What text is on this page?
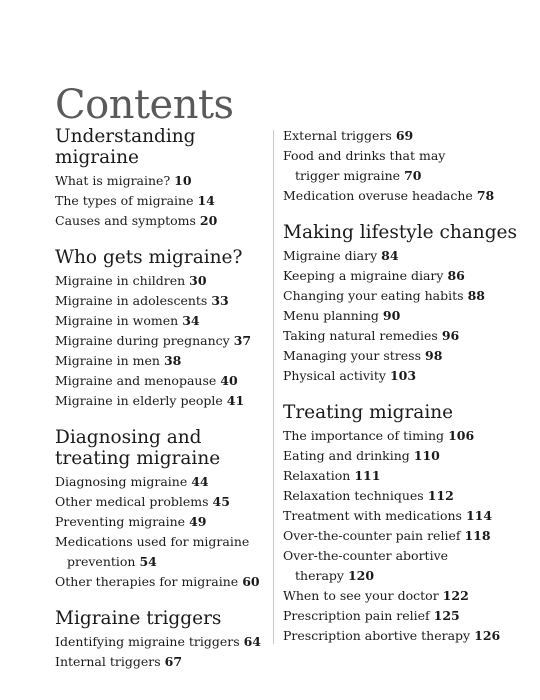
Contents
Understanding migraine
What is migraine? 10
The types of migraine 14
Causes and symptoms 20
Who gets migraine?
Migraine in children 30
Migraine in adolescents 33
Migraine in women 34
Migraine during pregnancy 37
Migraine in men 38
Migraine and menopause 40
Migraine in elderly people 41
Diagnosing and treating migraine
Diagnosing migraine 44
Other medical problems 45
Preventing migraine 49
Medications used for migraine
prevention 54
Other therapies for migraine 60
Migraine triggers
Identifying migraine triggers 64
Internal triggers 67
External triggers 69
Food and drinks that may
trigger migraine 70
Medication overuse headache 78
Making lifestyle changes
Migraine diary 84
Keeping a migraine diary 86
Changing your eating habits 88
Menu planning 90
Taking natural remedies 96
Managing your stress 98
Physical activity 103
Treating migraine
The importance of timing 106
Eating and drinking 110
Relaxation 111
Relaxation techniques 112
Treatment with medications 114
Over-the-counter pain relief 118
Over-the-counter abortive
therapy 120
When to see your doctor 122
Prescription pain relief 125
Prescription abortive therapy 126
